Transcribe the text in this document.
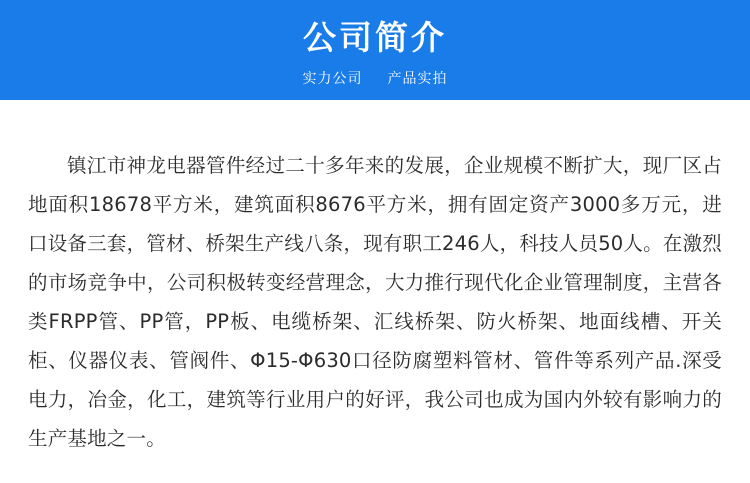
公司简介
实力公司 产品实拍

镇江市神龙电器管件经过二十多年来的发展，企业规模不断扩大，现厂区占地面积18678平方米，建筑面积8676平方米，拥有固定资产3000多万元，进口设备三套，管材、桥架生产线八条，现有职工246人，科技人员50人。在激烈的市场竞争中，公司积极转变经营理念，大力推行现代化企业管理制度，主营各类FRPP管、PP管，PP板、电缆桥架、汇线桥架、防火桥架、地面线槽、开关柜、仪器仪表、管阀件、Φ15-Φ630口径防腐塑料管材、管件等系列产品.深受电力，冶金，化工，建筑等行业用户的好评，我公司也成为国内外较有影响力的生产基地之一。
